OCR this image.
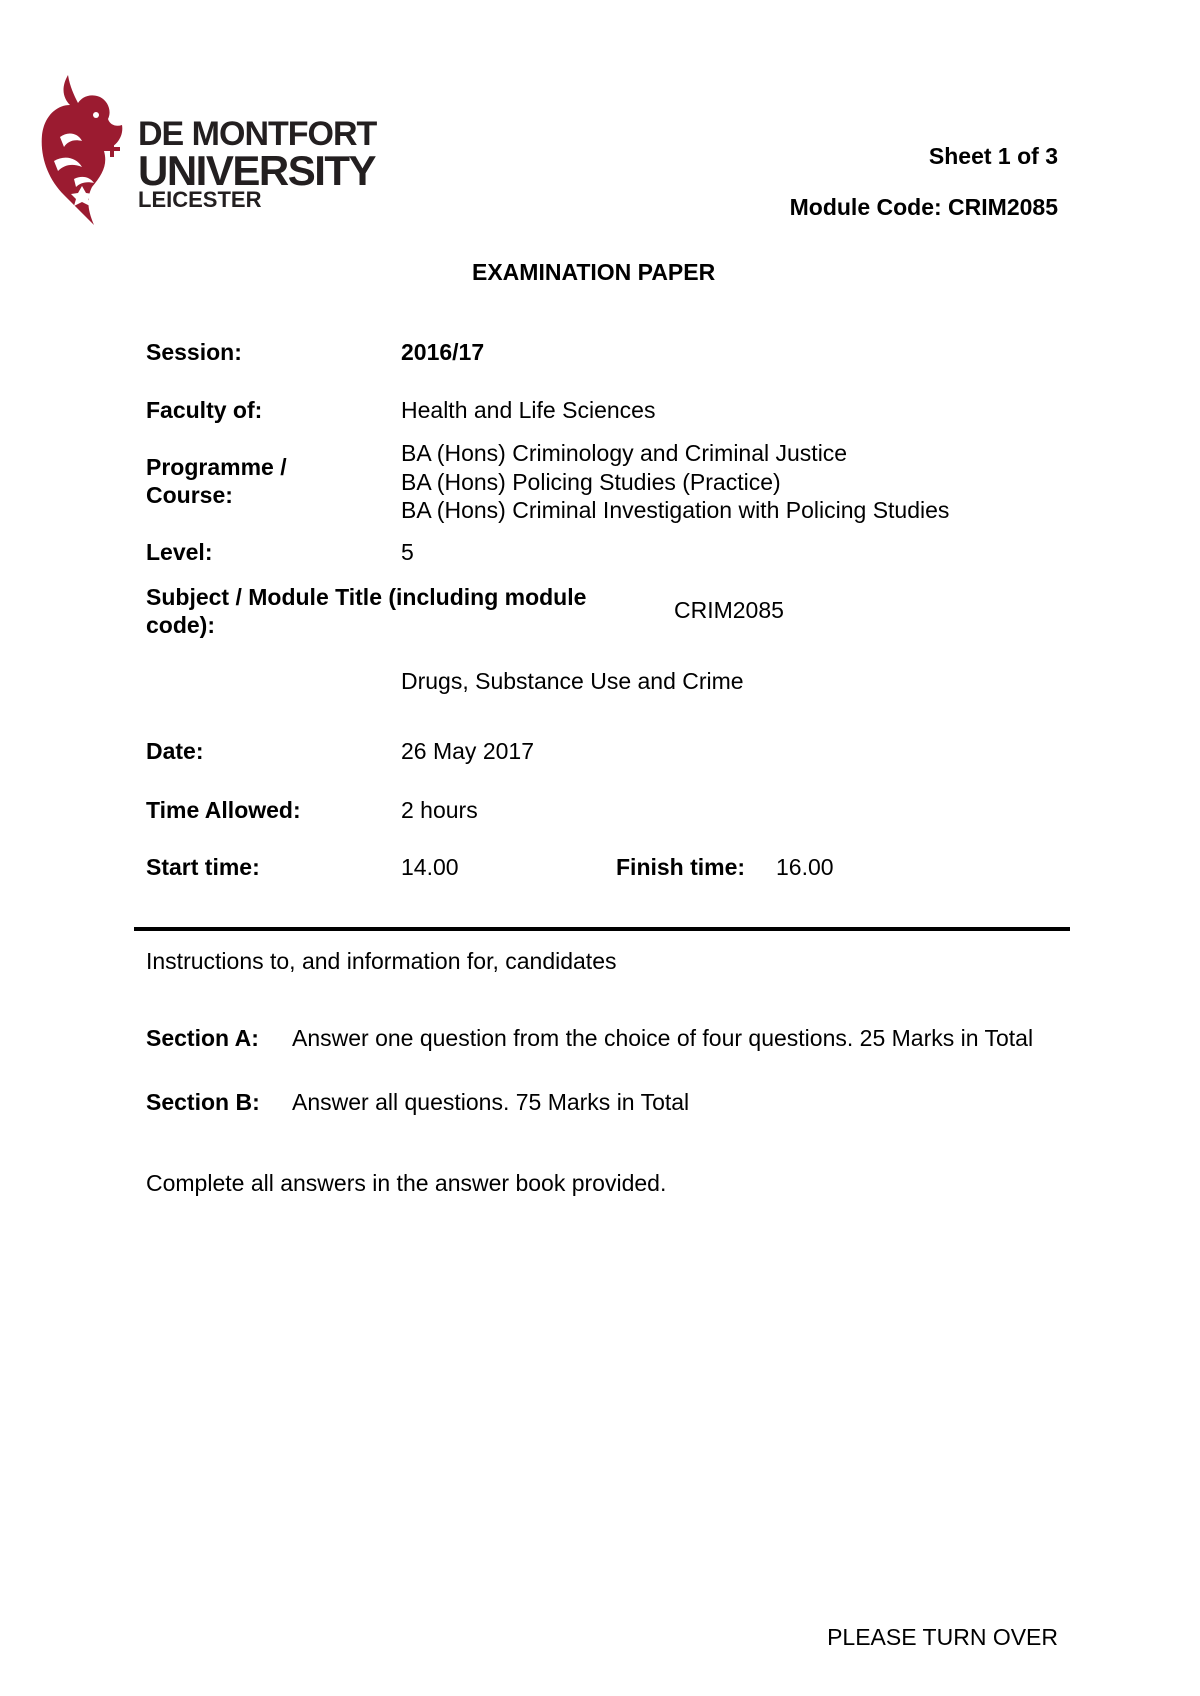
DE MONTFORT
UNIVERSITY
LEICESTER
Sheet 1 of 3
Module Code: CRIM2085
EXAMINATION PAPER
Session:	2016/17
Faculty of:	Health and Life Sciences
Programme /
Course:
BA (Hons) Criminology and Criminal Justice
BA (Hons) Policing Studies (Practice)
BA (Hons) Criminal Investigation with Policing Studies
Level:	5
Subject / Module Title (including module
code):
CRIM2085
Drugs, Substance Use and Crime
Date:	26 May 2017
Time Allowed:	2 hours
Start time:	14.00	Finish time: 16.00
Instructions to, and information for, candidates
Section A: Answer one question from the choice of four questions. 25 Marks in Total
Section B: Answer all questions. 75 Marks in Total
Complete all answers in the answer book provided.
PLEASE TURN OVER
